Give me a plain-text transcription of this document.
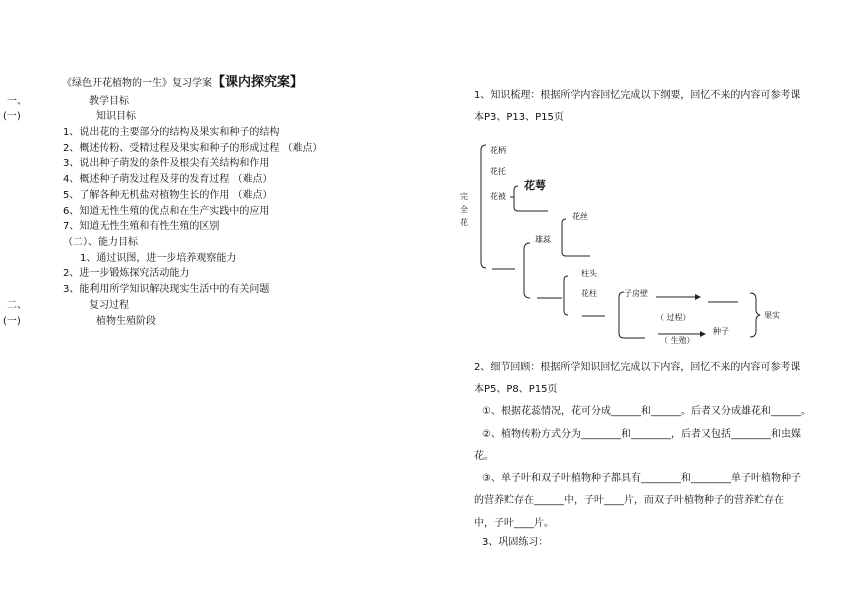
《绿色开花植物的一生》复习学案【课内探究案】
一、	教学目标
(一)	知识目标
1、说出花的主要部分的结构及果实和种子的结构
2、概述传粉、受精过程及果实和种子的形成过程 （难点）
3、说出种子萌发的条件及根尖有关结构和作用
4、概述种子萌发过程及芽的发育过程 （难点）
5、了解各种无机盐对植物生长的作用 （难点）
6、知道无性生殖的优点和在生产实践中的应用
7、知道无性生殖和有性生殖的区别
（二）、能力目标
1、通过识图，进一步培养观察能力
2、进一步锻炼探究活动能力
3、能利用所学知识解决现实生活中的有关问题
二、	复习过程
(一)	植物生殖阶段
1、知识梳理：根据所学内容回忆完成以下纲要，回忆不来的内容可参考课
本P3、P13、P15页
完
全
花
花柄
花托
花被
花萼
花丝
雄蕊
柱头
花柱	子房壁
（ 过程）
种子
（ 生殖）
果实
2、细节回顾：根据所学知识回忆完成以下内容，回忆不来的内容可参考课
本P5、P8、P15页
①、根据花蕊情况，花可分成______和______。后者又分成雄花和______。
②、植物传粉方式分为________和________，后者又包括________和虫媒
花。
③、单子叶和双子叶植物种子都具有________和________单子叶植物种子
的营养贮存在______中，子叶____片，而双子叶植物种子的营养贮存在
中，子叶____片。
3、巩固练习：
